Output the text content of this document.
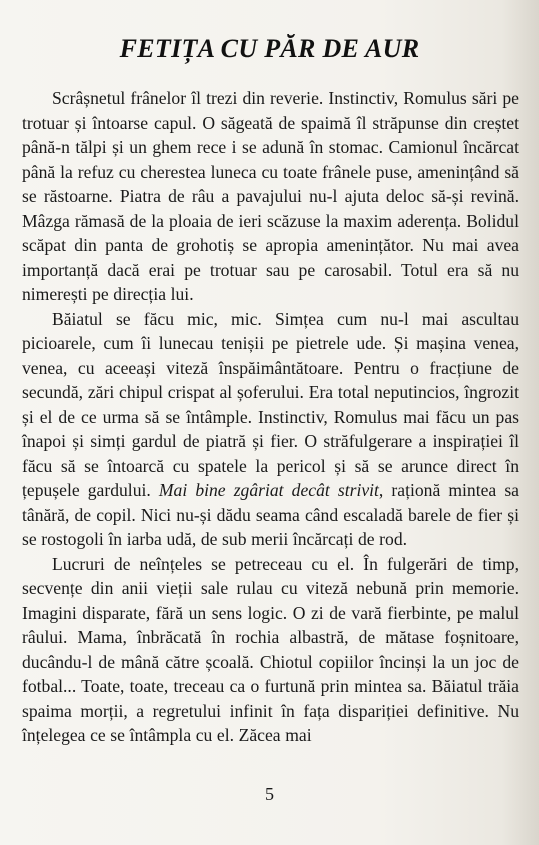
FETIȚA CU PĂR DE AUR

Scrâșnetul frânelor îl trezi din reverie. Instinctiv, Romulus sări pe trotuar și întoarse capul. O săgeată de spaimă îl străpunse din creștet până-n tălpi și un ghem rece i se adună în stomac. Camionul încărcat până la refuz cu cherestea luneca cu toate frânele puse, amenințând să se răstoarne. Piatra de râu a pavajului nu-l ajuta deloc să-și revină. Mâzga rămasă de la ploaia de ieri scăzuse la maxim aderența. Bolidul scăpat din panta de grohotiș se apropia amenințător. Nu mai avea importanță dacă erai pe trotuar sau pe carosabil. Totul era să nu nimerești pe direcția lui.

Băiatul se făcu mic, mic. Simțea cum nu-l mai ascultau picioarele, cum îi lunecau tenișii pe pietrele ude. Și mașina venea, venea, cu aceeași viteză înspăimântătoare. Pentru o fracțiune de secundă, zări chipul crispat al șoferului. Era total neputincios, îngrozit și el de ce urma să se întâmple. Instinctiv, Romulus mai făcu un pas înapoi și simți gardul de piatră și fier. O străfulgerare a inspirației îl făcu să se întoarcă cu spatele la pericol și să se arunce direct în țepușele gardului. Mai bine zgâriat decât strivit, raționă mintea sa tânără, de copil. Nici nu-și dădu seama când escaladă barele de fier și se rostogoli în iarba udă, de sub merii încărcați de rod.

Lucruri de neînțeles se petreceau cu el. În fulgerări de timp, secvențe din anii vieții sale rulau cu viteză nebună prin memorie. Imagini disparate, fără un sens logic. O zi de vară fierbinte, pe malul râului. Mama, înbrăcată în rochia albastră, de mătase foșnitoare, ducându-l de mână către școală. Chiotul copiilor încinși la un joc de fotbal... Toate, toate, treceau ca o furtună prin mintea sa. Băiatul trăia spaima morții, a regretului infinit în fața dispariției definitive. Nu înțelegea ce se întâmpla cu el. Zăcea mai

5
